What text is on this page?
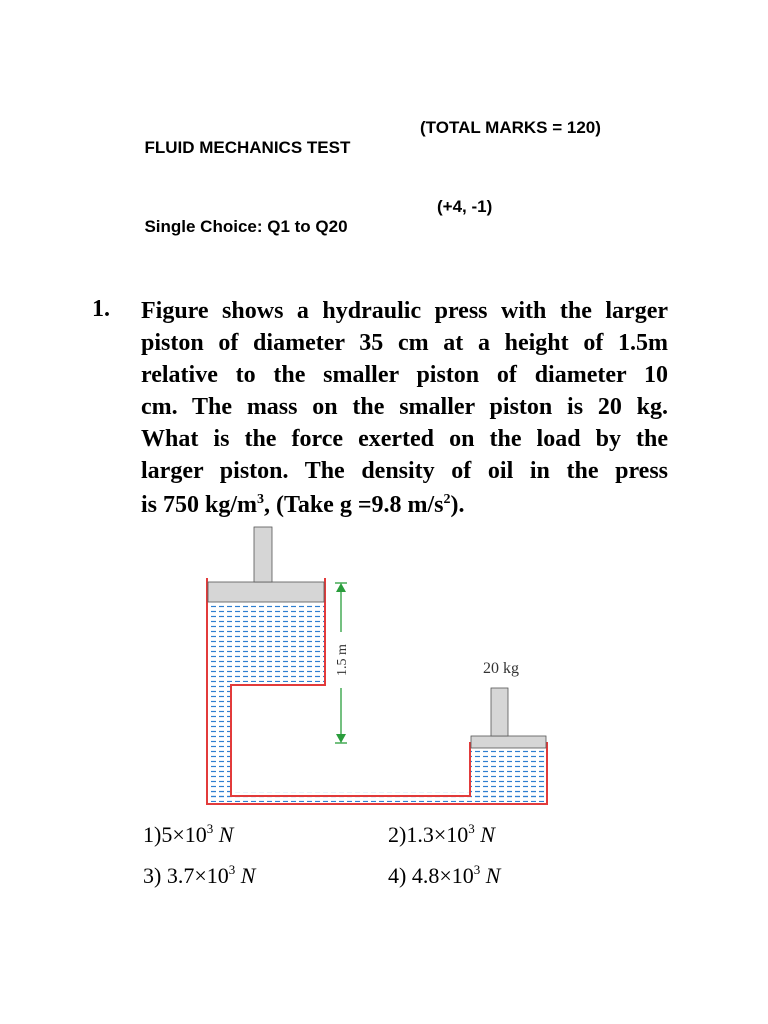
FLUID MECHANICS TEST

(TOTAL MARKS = 120)

Single Choice: Q1 to Q20

(+4, -1)

1. Figure shows a hydraulic press with the larger
piston of diameter 35 cm at a height of 1.5m
relative to the smaller piston of diameter 10
cm. The mass on the smaller piston is 20 kg.
What is the force exerted on the load by the
larger piston. The density of oil in the press
is 750 $kg/m^3$, (Take g =9.8 $m/s^2$).
1.5 m	20 kg
$1)5\times 10^3$ N	$2)1.3\times 10^3$ N
3) $3.7\times 10^3$ N	4) $4.8\times 10^3$ N
